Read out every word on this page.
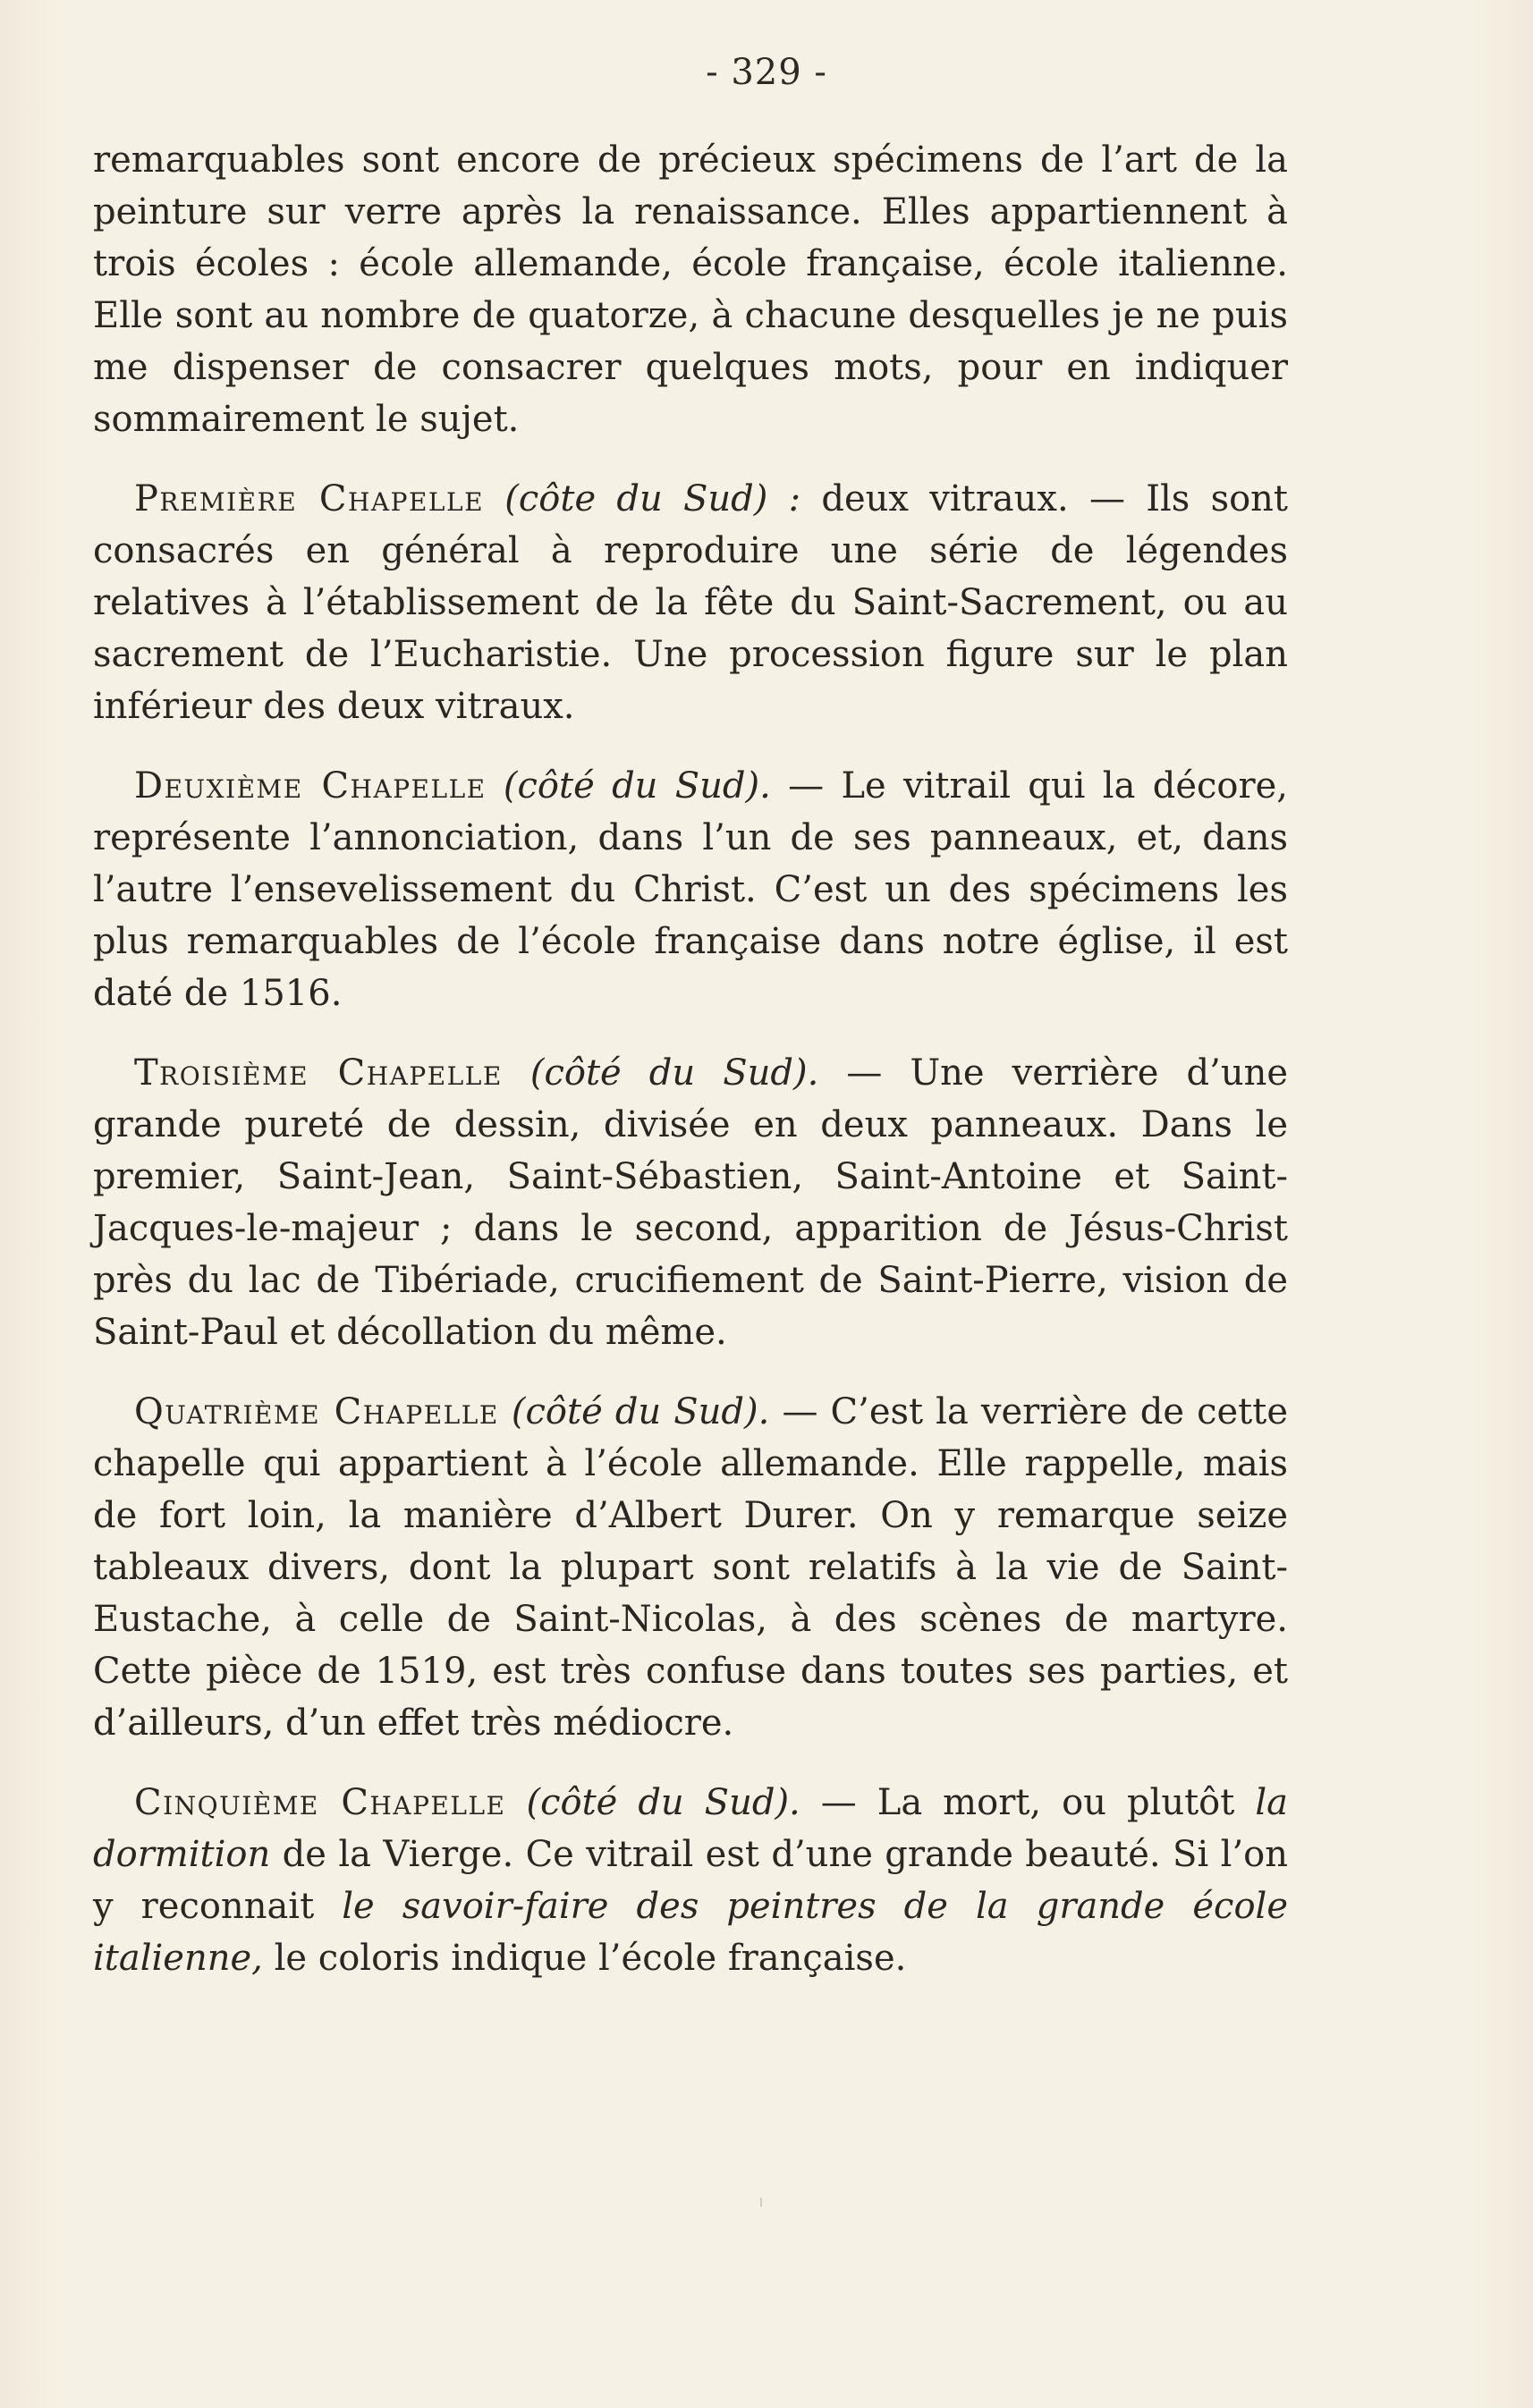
- 329 -

remarquables sont encore de précieux spécimens de l’art de la peinture sur verre après la renaissance. Elles appartiennent à trois écoles : école allemande, école française, école italienne. Elle sont au nombre de quatorze, à chacune desquelles je ne puis me dispenser de consacrer quelques mots, pour en indiquer sommairement le sujet.

Première Chapelle (côte du Sud) : deux vitraux. — Ils sont consacrés en général à reproduire une série de légendes relatives à l’établissement de la fête du Saint-Sacrement, ou au sacrement de l’Eucharistie. Une procession figure sur le plan inférieur des deux vitraux.

Deuxième Chapelle (côté du Sud). — Le vitrail qui la décore, représente l’annonciation, dans l’un de ses panneaux, et, dans l’autre l’ensevelissement du Christ. C’est un des spécimens les plus remarquables de l’école française dans notre église, il est daté de 1516.

Troisième Chapelle (côté du Sud). — Une verrière d’une grande pureté de dessin, divisée en deux panneaux. Dans le premier, Saint-Jean, Saint-Sébastien, Saint-Antoine et Saint-Jacques-le-majeur ; dans le second, apparition de Jésus-Christ près du lac de Tibériade, crucifiement de Saint-Pierre, vision de Saint-Paul et décollation du même.

Quatrième Chapelle (côté du Sud). — C’est la verrière de cette chapelle qui appartient à l’école allemande. Elle rappelle, mais de fort loin, la manière d’Albert Durer. On y remarque seize tableaux divers, dont la plupart sont relatifs à la vie de Saint-Eustache, à celle de Saint-Nicolas, à des scènes de martyre. Cette pièce de 1519, est très confuse dans toutes ses parties, et d’ailleurs, d’un effet très médiocre.

Cinquième Chapelle (côté du Sud). — La mort, ou plutôt la dormition de la Vierge. Ce vitrail est d’une grande beauté. Si l’on y reconnait le savoir-faire des peintres de la grande école italienne, le coloris indique l’école française.
